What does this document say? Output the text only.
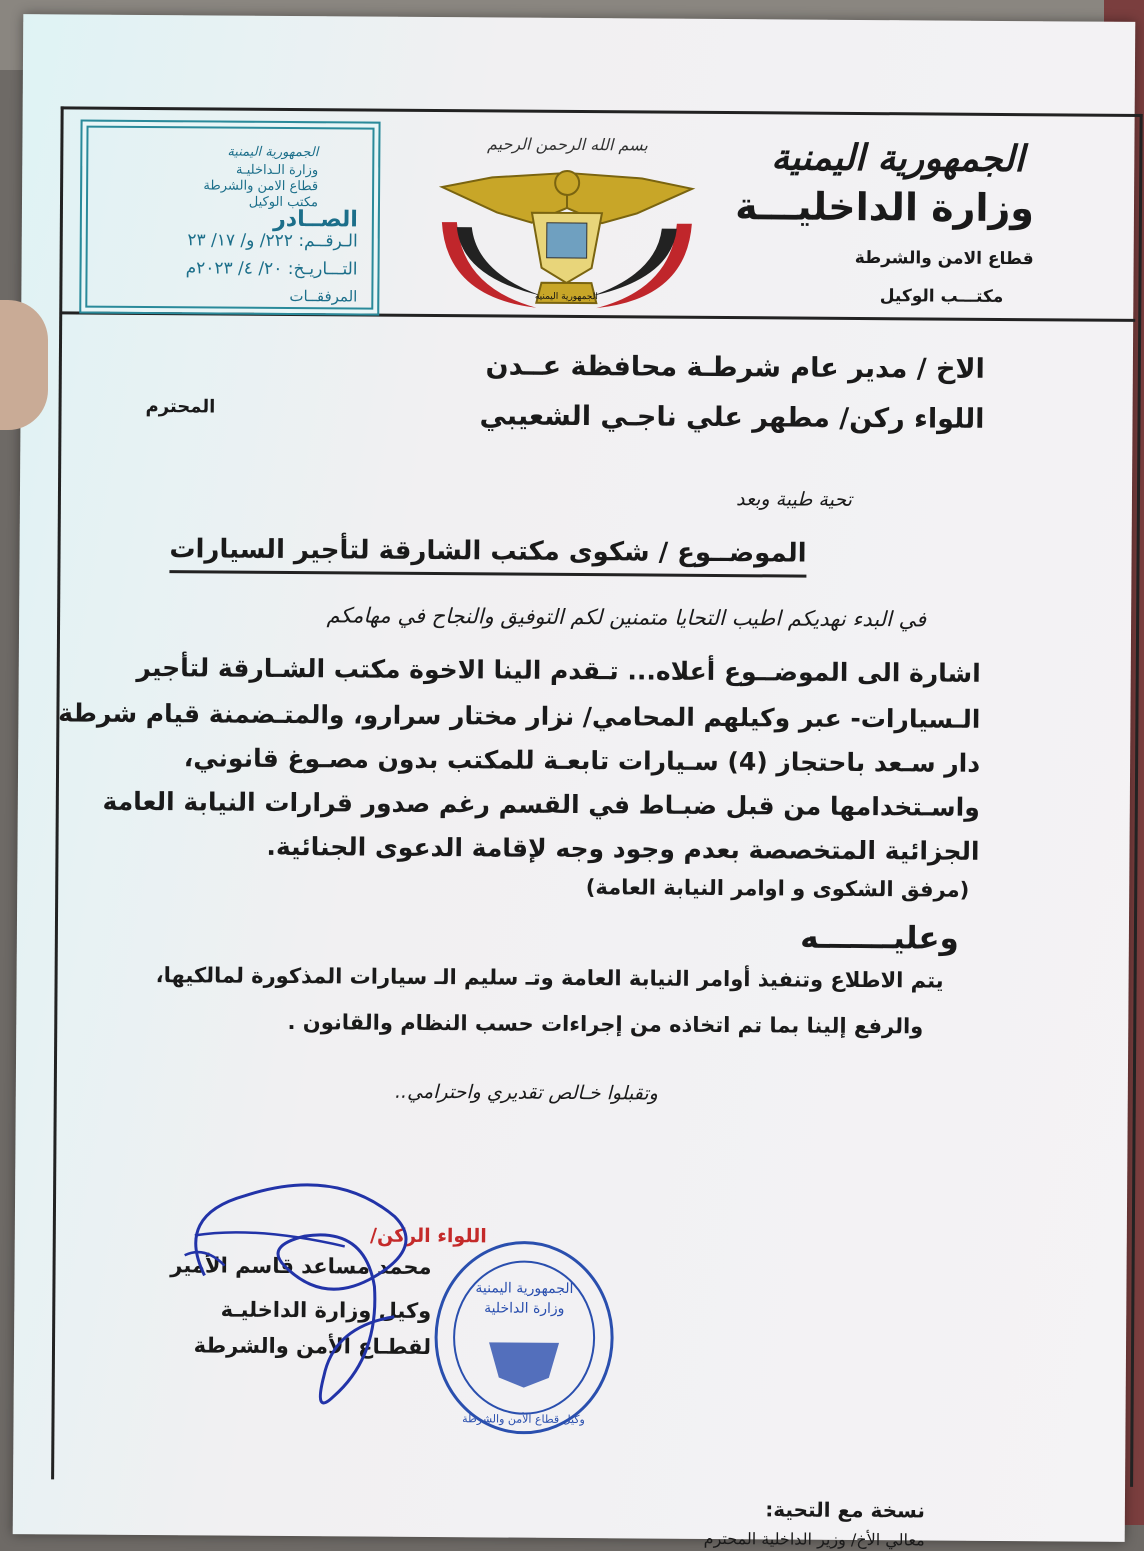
الجمهورية اليمنية
وزارة الداخليـــة
قطاع الامن والشرطة
مكتـــب الوكيل
بسم الله الرحمن الرحيم
الجمهورية اليمنية
الجمهورية اليمنية
وزارة الـداخليـة
قطاع الامن والشرطة
مكتب الوكيل
الصــادر
الـرقــم: ٢٢٢/ و/ ١٧/ ٢٣
التـــاريـخ: ٢٠/ ٤/ ٢٠٢٣م
المرفقــات
الاخ / مدير عام شرطـة محافظة عــدن
اللواء ركن/ مطهر علي ناجـي الشعيبي
المحترم
تحية طيبة وبعد
الموضــوع / شكوى مكتب الشارقة لتأجير السيارات
في البدء نهديكم اطيب التحايا متمنين لكم التوفيق والنجاح في مهامكم
اشارة الى الموضــوع أعلاه... تـقدم الينا الاخوة مكتب الشـارقة لتأجير
الـسيارات- عبر وكيلهم المحامي/ نزار مختار سرارو، والمتـضمنة قيام شرطة
دار سـعد باحتجاز (4) سـيارات تابعـة للمكتب بدون مصـوغ قانوني،
واسـتخدامها من قبل ضبـاط في القسم رغم صدور قرارات النيابة العامة
الجزائية المتخصصة بعدم وجود وجه لإقامة الدعوى الجنائية.
(مرفق الشكوى و اوامر النيابة العامة)
وعليـــــــه
يتم الاطلاع وتنفيذ أوامر النيابة العامة وتـ سليم الـ سيارات المذكورة لمالكيها،
والرفع إلينا بما تم اتخاذه من إجراءات حسب النظام والقانون .
وتقبلوا خـالص تقديري واحترامي..
اللواء الركن/
محمد مساعد قاسم الأمير
وكيل وزارة الداخليـة
لقطـاع الأمن والشرطة
الجمهورية اليمنية
وزارة الداخلية
وكيل قطاع الأمن والشرطة
نسخة مع التحية:
معالي الأخ/ وزير الداخلية المحترم
